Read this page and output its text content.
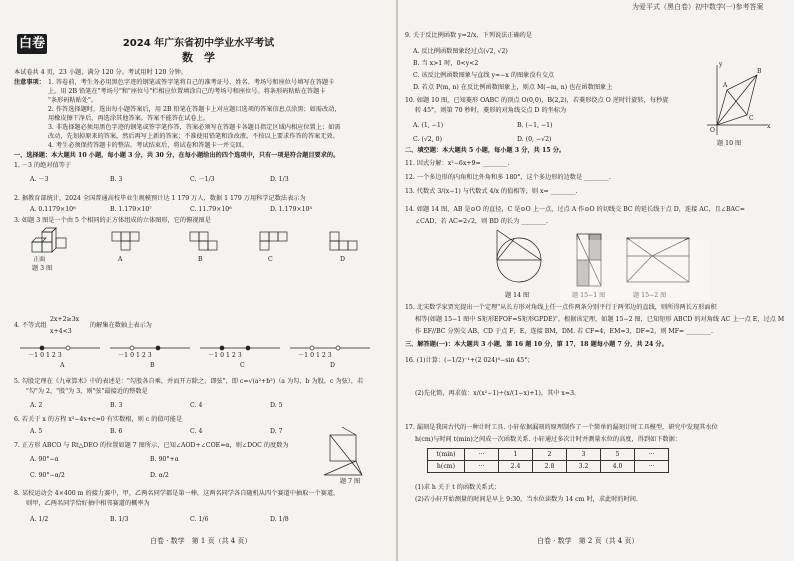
白卷	2024 年广东省初中学业水平考试
数　学
本试卷共 4 页，23 小题，满分 120 分。考试用时 120 分钟。
注意事项： 1. 答卷前，考生务必用黑色字迹的钢笔或签字笔将自己的准考证号、姓名、考场号和座位号填写在答题卡
上。用 2B 铅笔在"考场号"和"座位号"栏相应位置填涂自己的考场号和座位号。将条形码粘贴在答题卡
"条形码粘贴处"。
2. 作答选择题时，选出每小题答案后，用 2B 铅笔在答题卡上对应题目选项的答案信息点涂黑；如需改动，
用橡皮擦干净后，再选涂其他答案。答案不能答在试卷上。
3. 非选择题必须用黑色字迹的钢笔或签字笔作答，答案必须写在答题卡各题目指定区域内相应位置上；如需
改动，先划掉原来的答案，然后再写上新的答案；不准使用铅笔和涂改液。不按以上要求作答的答案无效。
4. 考生必须保持答题卡的整洁。考试结束后，将试卷和答题卡一并交回。
一、选择题：本大题共 10 小题，每小题 3 分，共 30 分，在每小题给出的四个选项中，只有一项是符合题目要求的。
1. －3 的绝对值等于
A. －3	B. 3	C. －1/3	D. 1/3
2. 据教育部统计，2024 全国普通高校毕业生规模预计达 1 179 万人，数据 1 179 万用科学记数法表示为
A. 0.1179×10⁸	B. 1.179×10⁷	C. 11.79×10⁶	D. 1.179×10³
3. 如题 3 图是一个由 5 个相同的正方体组成的立体图形，它的俯视图是
正面
题 3 图
A	B	C	D
4. 不等式组
2x+2≥3x
x+4<3
的解集在数轴上表示为
－1 0 1 2 3	－1 0 1 2 3	－1 0 1 2 3	－1 0 1 2 3
A	B	C	D
5. 勾股定理在《九章算术》中的表述是："勾股各自乘，并而开方除之，即弦"，即 c=√(a²+b²)（a 为勾，b 为股，c 为弦），若
"勾"为 2，"股"为 3，则"弦"最接近的整数是
A. 2	B. 3	C. 4	D. 5
6. 若关于 x 的方程 x²−4x+c=0 有实数根，则 c 的值可能是
A. 5	B. 6	C. 4	D. 7
7. 正方形 ABCO 与 Rt△DEO 的位置如题 7 图所示，已知∠AOD+∠COE=α，则∠DOC 的度数为
A. 90°−α	B. 90°+α
C. 90°−α/2	D. α/2
题 7 图
8. 某校运动会 4×400 m 的接力赛中，甲，乙两名同学都是第一棒，这两名同学各自随机从四个赛道中抽取一个赛道，
则甲，乙两名同学恰好抽中相邻赛道的概率为
A. 1/2	B. 1/3	C. 1/6	D. 1/8
白卷 · 数学　第 1 页（共 4 页）
为爱平式（黑白卷）初中数学(一)参考答案
9. 关于反比例函数 y=2/x，下列说法正确的是
A. 反比例函数图象经过点(√2, √2)
B. 当 x>1 时，0<y<2
C. 该反比例函数图象与直线 y=−x 的图象没有交点
D. 若点 P(m, n) 在反比例函数图象上，则点 M(−m, n) 也在函数图象上
10. 如题 10 图，已知菱形 OABC 的顶点 O(0,0)，B(2,2)，若菱形绕点 O 逆时针旋转，每秒旋
转 45°，则第 70 秒时，菱形的对角线交点 D 的坐标为
A. (1, −1)	B. (−1, −1)
C. (√2, 0)	D. (0, −√2)
A
B
C
O
x
y
题 10 图
二、填空题：本大题共 5 小题，每小题 3 分，共 15 分。
11. 因式分解：x²−6x+9= ________.
12. 一个多边形的内角和比外角和多 180°，这个多边形的边数是 ________.
13. 代数式 3/(x−1) 与代数式 4/x 的值相等，则 x= ________.
14. 如题 14 图，AB 是⊙O 的直径，C 是⊙O 上一点，过点 A 作⊙O 的切线交 BC 的延长线于点 D，连接 AC，且∠BAC=
∠CAD，若 AC=2√2，则 BD 的长为 ________.
题 14 图	题 15−1 图	题 15−2 图
15. 北宋数学家贾宪提出一个定理"从长方形对角线上任一点作两条分别平行于两邻边的直线，则所得两长方形面积
相等(如题 15−1 图中 S矩形EFOF=S矩形GPDE)"。根据该定理，如题 15−2 图，已知矩形 ABCD 的对角线 AC 上一点 E，过点 M
作 EF//BC 分别交 AB，CD 于点 F，E，连接 BM，DM. 若 CF=4，EM=3，DF=2，则 MF= ________.
三、解答题(一)：本大题共 3 小题，第 16 题 10 分，第 17，18 题每小题 7 分，共 24 分。
16. (1)计算：(−1/2)⁻¹+(2 024)⁰−sin 45°；
(2)先化简，再求值：x/(x²−1)÷(x/(1−x)+1)，其中 x=3.
17. 漏刻是我国古代的一种计时工具. 小轩依据漏刻的原理制作了一个简单的漏刻计时工具模型，研究中发现其水位
h(cm)与时间 t(min)之间成一次函数关系. 小轩通过多次计时并测量水位的高度，得到如下数据：
(1)求 h 关于 t 的函数关系式；
(2)若小轩开始测量的时间是早上 9:30，当水位读数为 14 cm 时，求此时的时间.
白卷 · 数学　第 2 页（共 4 页）
t(min)	···	1	2	3	5	···
h(cm)	···	2.4	2.8	3.2	4.0	···
